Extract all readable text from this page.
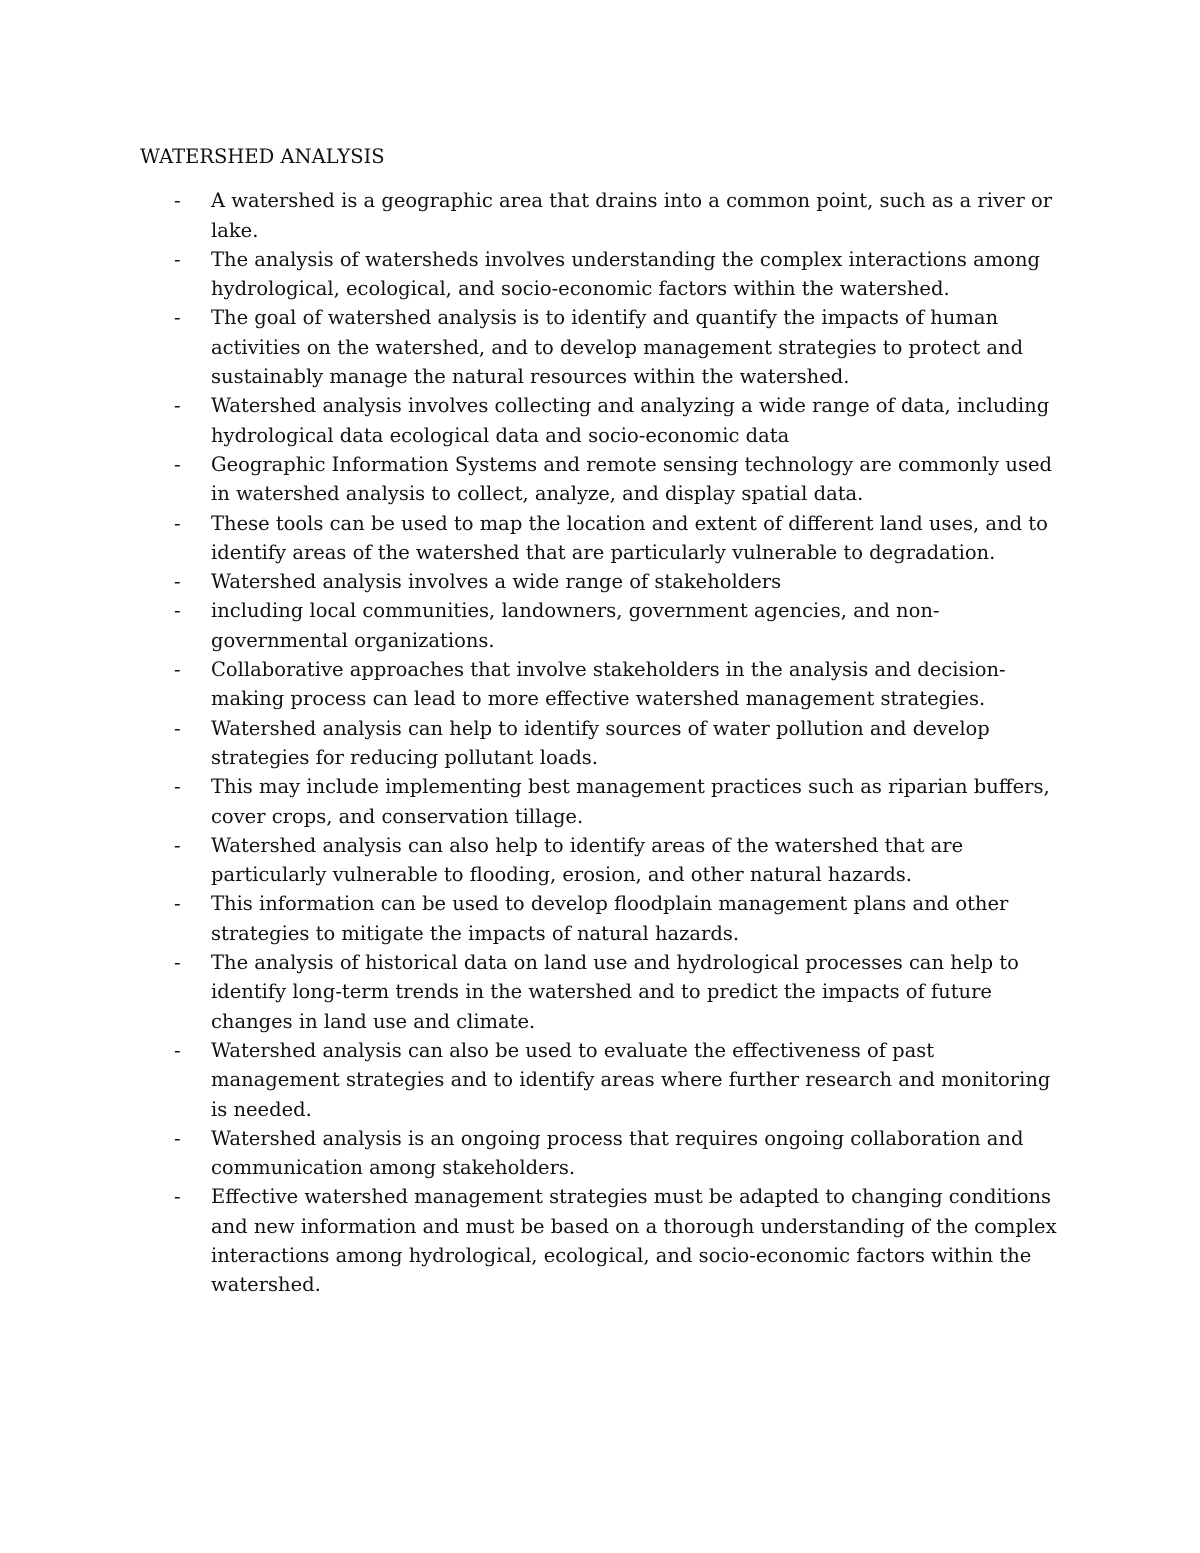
WATERSHED ANALYSIS
- A watershed is a geographic area that drains into a common point, such as a river or lake.
- The analysis of watersheds involves understanding the complex interactions among hydrological, ecological, and socio-economic factors within the watershed.
- The goal of watershed analysis is to identify and quantify the impacts of human activities on the watershed, and to develop management strategies to protect and sustainably manage the natural resources within the watershed.
- Watershed analysis involves collecting and analyzing a wide range of data, including hydrological data ecological data and socio-economic data
- Geographic Information Systems and remote sensing technology are commonly used in watershed analysis to collect, analyze, and display spatial data.
- These tools can be used to map the location and extent of different land uses, and to identify areas of the watershed that are particularly vulnerable to degradation.
- Watershed analysis involves a wide range of stakeholders
- including local communities, landowners, government agencies, and non-governmental organizations.
- Collaborative approaches that involve stakeholders in the analysis and decision-making process can lead to more effective watershed management strategies.
- Watershed analysis can help to identify sources of water pollution and develop strategies for reducing pollutant loads.
- This may include implementing best management practices such as riparian buffers, cover crops, and conservation tillage.
- Watershed analysis can also help to identify areas of the watershed that are particularly vulnerable to flooding, erosion, and other natural hazards.
- This information can be used to develop floodplain management plans and other strategies to mitigate the impacts of natural hazards.
- The analysis of historical data on land use and hydrological processes can help to identify long-term trends in the watershed and to predict the impacts of future changes in land use and climate.
- Watershed analysis can also be used to evaluate the effectiveness of past management strategies and to identify areas where further research and monitoring is needed.
- Watershed analysis is an ongoing process that requires ongoing collaboration and communication among stakeholders.
- Effective watershed management strategies must be adapted to changing conditions and new information and must be based on a thorough understanding of the complex interactions among hydrological, ecological, and socio-economic factors within the watershed.
